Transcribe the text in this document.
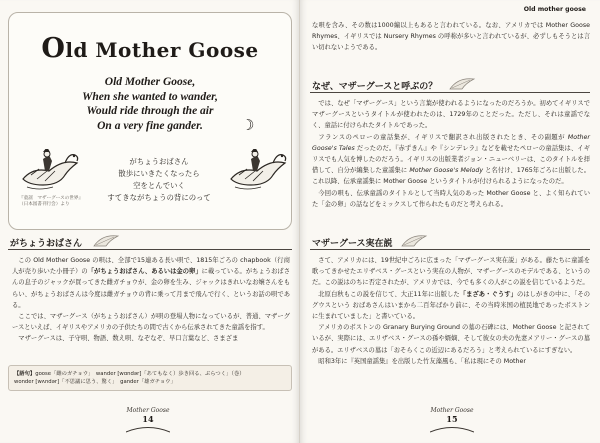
Old Mother Goose
Old Mother Goose,
When she wanted to wander,
Would ride through the air
On a very fine gander.	☽
がちょうおばさん
散歩にいきたくなったら
空をとんでいく
すてきながちょうの背にのって
『童謡　マザーグースの世界』
（日本図書刊行会）より
がちょうおばさん

この Old Mother Goose の唄は、全部で15連ある長い唄で、1815年ごろの chapbook（行商人が売り歩いた小冊子）の「がちょうおばさん、あるいは金の卵」に載っている。がちょうおばさんの息子のジャックが買ってきた雌ガチョウが、金の卵を生み、ジャックはきれいなお嬢さんをもらい、がちょうおばさんは今度は雌ガチョウの背に乗って月まで飛んで行く、というお話の唄である。

ここでは、マザーグース（がちょうおばさん）が唄の登場人物になっているが、普通、マザーグースといえば、イギリスやアメリカの子供たちの間で古くから伝承されてきた童謡を指す。

マザーグースは、子守唄、物語、数え唄、なぞなぞ、早口言葉など、さまざま

【語句】goose「雌のガチョウ」　wander [wɑndər]「あてもなく）歩き回る、ぶらつく」（巻）
wonder [wʌndər]「不思議に思う、驚く」　gander「雄ガチョウ」
Mother Goose
14
Old mother goose

な唄を含み、その数は1000編以上もあると言われている。なお、アメリカでは Mother Goose Rhymes、イギリスでは Nursery Rhymes の呼称が多いと言われているが、必ずしもそうとは言い切れないようである。

なぜ、マザーグースと呼ぶの？

では、なぜ「マザーグース」という言葉が使われるようになったのだろうか。初めてイギリスでマザーグースというタイトルが使われたのは、1729年のことだった。ただし、それは童謡でなく、童話に付けられたタイトルであった。

フランスのペローの童話集が、イギリスで翻訳され出版されたとき、その副題が Mother Goose's Tales だったのだ。『赤ずきん』や『シンデレラ』などを載せたペローの童話集は、イギリスでも人気を博したのだろう。イギリスの出版業者ジョン・ニューベリーは、このタイトルを拝借して、自分が編集した童謡集に Mother Goose's Melody と名付け、1765年ごろに出版した。これ以降、伝承童謡集に Mother Goose というタイトルが付けられるようになったのだ。

今回の唄も、伝承童謡のタイトルとして当時人気のあった Mother Goose と、よく知られていた「金の卵」の話などをミックスして作られたものだと考えられる。

マザーグース実在説

さて、アメリカには、19世紀中ごろに広まった「マザーグース実在説」がある。藤たちに童謡を歌ってきかせたエリザベス・グースという実在の人物が、マザーグースのモデルである、というのだ。この説はのちに否定されたが、アメリカでは、今でも多くの人がこの説を信じているようだ。

北原白秋もこの説を信じて、大正11年に出版した「まざあ・ぐうす」のはしがきの中に、「そのグウスという おばあさんはいまから二百年ばかり前に、その当時米国の植民地であったボストンに生まれていました」と書いている。

アメリカのボストンの Granary Burying Ground の墓の石碑には、Mother Goose と記されているが、実際には、エリザベス・グースの孫や婿嫡、そして彼女の夫の先妻メアリー・グースの墓がある。エリザベスの墓は「おそらくこの近辺にあるだろう」と考えられているにすぎない。

昭和3年に『英国童謡集』を出版した竹友藻風も、「私は現にその Mother

Mother Goose
15
